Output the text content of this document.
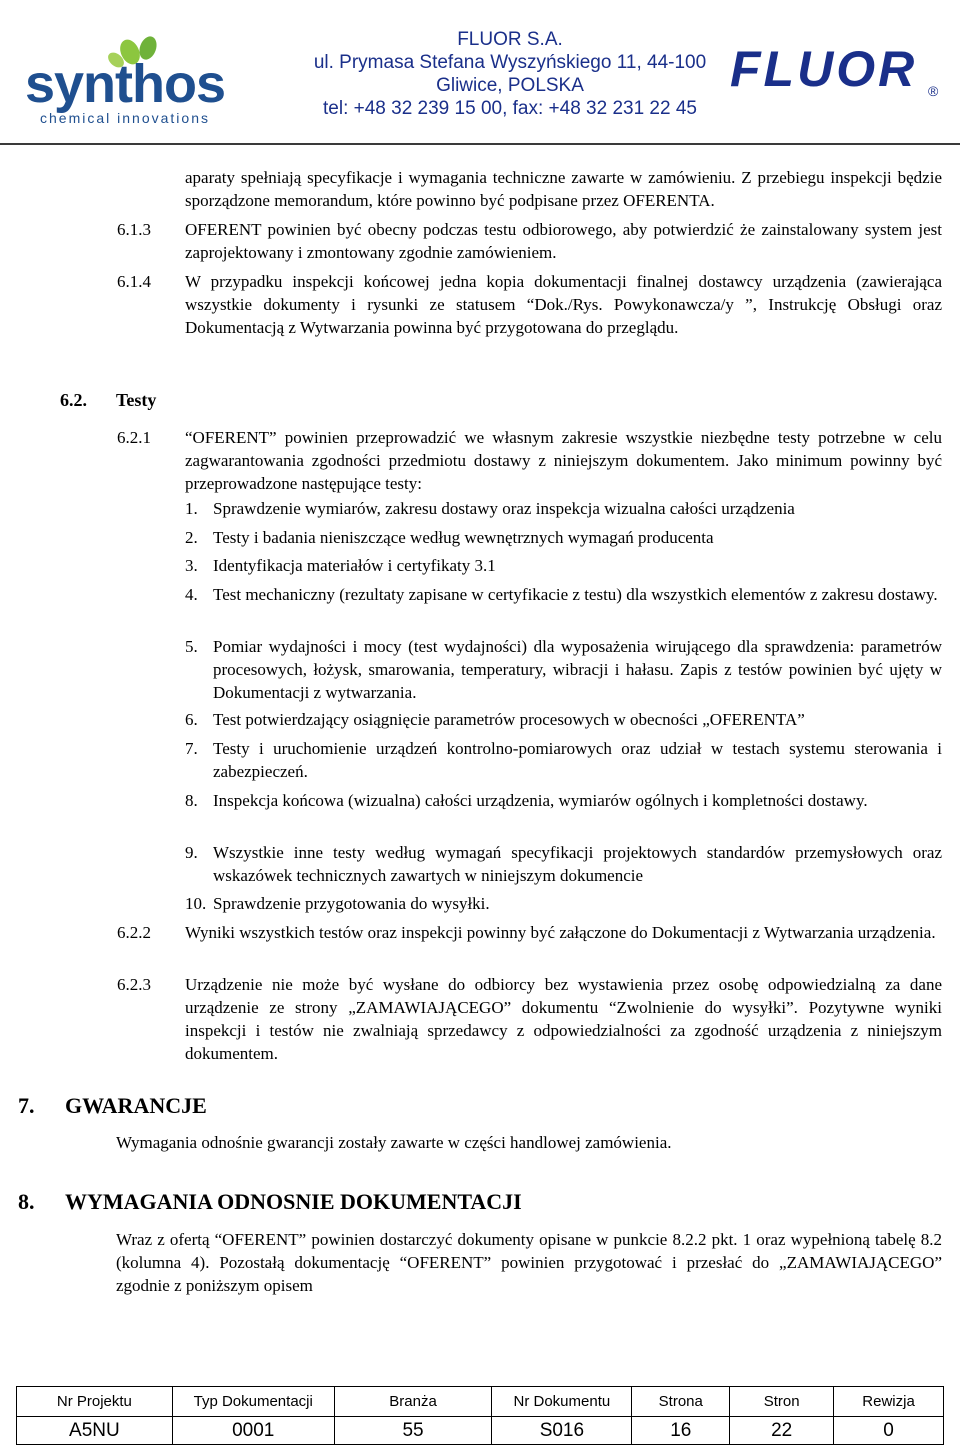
synthos
chemical innovations
FLUOR S.A.
ul. Prymasa Stefana Wyszyńskiego 11, 44-100
Gliwice, POLSKA
tel: +48 32 239 15 00, fax: +48 32 231 22 45
FLUOR ®
aparaty spełniają specyfikacje i wymagania techniczne zawarte w zamówieniu. Z przebiegu inspekcji będzie sporządzone memorandum, które powinno być podpisane przez OFERENTA.
6.1.3 OFERENT powinien być obecny podczas testu odbiorowego, aby potwierdzić że zainstalowany system jest zaprojektowany i zmontowany zgodnie zamówieniem.
6.1.4 W przypadku inspekcji końcowej jedna kopia dokumentacji finalnej dostawcy urządzenia (zawierająca wszystkie dokumenty i rysunki ze statusem “Dok./Rys. Powykonawcza/y ”, Instrukcję Obsługi oraz Dokumentacją z Wytwarzania powinna być przygotowana do przeglądu.
6.2. Testy
6.2.1 “OFERENT” powinien przeprowadzić we własnym zakresie wszystkie niezbędne testy potrzebne w celu zagwarantowania zgodności przedmiotu dostawy z niniejszym dokumentem. Jako minimum powinny być przeprowadzone następujące testy:
1. Sprawdzenie wymiarów, zakresu dostawy oraz inspekcja wizualna całości urządzenia
2. Testy i badania nieniszczące według wewnętrznych wymagań producenta
3. Identyfikacja materiałów i certyfikaty 3.1
4. Test mechaniczny (rezultaty zapisane w certyfikacie z testu) dla wszystkich elementów z zakresu dostawy.
5. Pomiar wydajności i mocy (test wydajności) dla wyposażenia wirującego dla sprawdzenia: parametrów procesowych, łożysk, smarowania, temperatury, wibracji i hałasu. Zapis z testów powinien być ujęty w Dokumentacji z wytwarzania.
6. Test potwierdzający osiągnięcie parametrów procesowych w obecności „OFERENTA”
7. Testy i uruchomienie urządzeń kontrolno-pomiarowych oraz udział w testach systemu sterowania i zabezpieczeń.
8. Inspekcja końcowa (wizualna) całości urządzenia, wymiarów ogólnych i kompletności dostawy.
9. Wszystkie inne testy według wymagań specyfikacji projektowych standardów przemysłowych oraz wskazówek technicznych zawartych w niniejszym dokumencie
10. Sprawdzenie przygotowania do wysyłki.
6.2.2 Wyniki wszystkich testów oraz inspekcji powinny być załączone do Dokumentacji z Wytwarzania urządzenia.
6.2.3 Urządzenie nie może być wysłane do odbiorcy bez wystawienia przez osobę odpowiedzialną za dane urządzenie ze strony „ZAMAWIAJĄCEGO” dokumentu “Zwolnienie do wysyłki”. Pozytywne wyniki inspekcji i testów nie zwalniają sprzedawcy z odpowiedzialności za zgodność urządzenia z niniejszym dokumentem.
7. GWARANCJE
Wymagania odnośnie gwarancji zostały zawarte w części handlowej zamówienia.
8. WYMAGANIA ODNOSNIE DOKUMENTACJI
Wraz z ofertą “OFERENT” powinien dostarczyć dokumenty opisane w punkcie 8.2.2 pkt. 1 oraz wypełnioną tabelę 8.2 (kolumna 4). Pozostałą dokumentację “OFERENT” powinien przygotować i przesłać do „ZAMAWIAJĄCEGO” zgodnie z poniższym opisem
Nr Projektu	Typ Dokumentacji	Branża	Nr Dokumentu	Strona	Stron	Rewizja
A5NU	0001	55	S016	16	22	0
